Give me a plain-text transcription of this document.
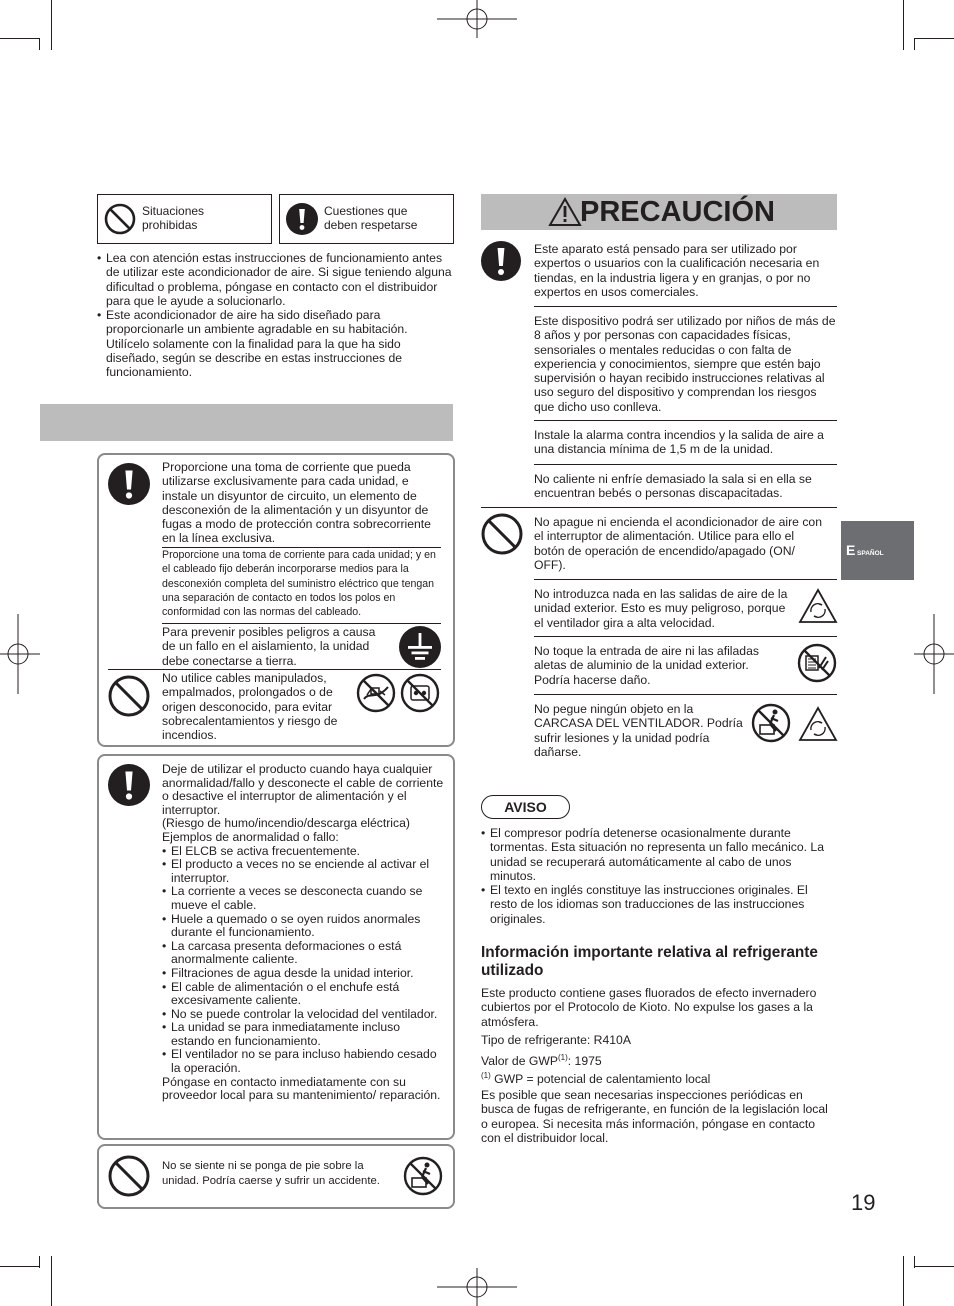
Situaciones prohibidas
Cuestiones que deben respetarse
• Lea con atención estas instrucciones de funcionamiento antes de utilizar este acondicionador de aire. Si sigue teniendo alguna dificultad o problema, póngase en contacto con el distribuidor para que le ayude a solucionarlo.
• Este acondicionador de aire ha sido diseñado para proporcionarle un ambiente agradable en su habitación. Utilícelo solamente con la finalidad para la que ha sido diseñado, según se describe en estas instrucciones de funcionamiento.
Proporcione una toma de corriente que pueda utilizarse exclusivamente para cada unidad, e instale un disyuntor de circuito, un elemento de desconexión de la alimentación y un disyuntor de fugas a modo de protección contra sobrecorriente en la línea exclusiva.
Proporcione una toma de corriente para cada unidad; y en el cableado fijo deberán incorporarse medios para la desconexión completa del suministro eléctrico que tengan una separación de contacto en todos los polos en conformidad con las normas del cableado.
Para prevenir posibles peligros a causa de un fallo en el aislamiento, la unidad debe conectarse a tierra.
No utilice cables manipulados, empalmados, prolongados o de origen desconocido, para evitar sobrecalentamientos y riesgo de incendios.
Deje de utilizar el producto cuando haya cualquier anormalidad/fallo y desconecte el cable de corriente o desactive el interruptor de alimentación y el interruptor.
(Riesgo de humo/incendio/descarga eléctrica)
Ejemplos de anormalidad o fallo:
• El ELCB se activa frecuentemente.
• El producto a veces no se enciende al activar el interruptor.
• La corriente a veces se desconecta cuando se mueve el cable.
• Huele a quemado o se oyen ruidos anormales durante el funcionamiento.
• La carcasa presenta deformaciones o está anormalmente caliente.
• Filtraciones de agua desde la unidad interior.
• El cable de alimentación o el enchufe está excesivamente caliente.
• No se puede controlar la velocidad del ventilador.
• La unidad se para inmediatamente incluso estando en funcionamiento.
• El ventilador no se para incluso habiendo cesado la operación.
Póngase en contacto inmediatamente con su proveedor local para su mantenimiento/ reparación.
No se siente ni se ponga de pie sobre la unidad. Podría caerse y sufrir un accidente.
PRECAUCIÓN
Este aparato está pensado para ser utilizado por expertos o usuarios con la cualificación necesaria en tiendas, en la industria ligera y en granjas, o por no expertos en usos comerciales.
Este dispositivo podrá ser utilizado por niños de más de 8 años y por personas con capacidades físicas, sensoriales o mentales reducidas o con falta de experiencia y conocimientos, siempre que estén bajo supervisión o hayan recibido instrucciones relativas al uso seguro del dispositivo y comprendan los riesgos que dicho uso conlleva.
Instale la alarma contra incendios y la salida de aire a una distancia mínima de 1,5 m de la unidad.
No caliente ni enfríe demasiado la sala si en ella se encuentran bebés o personas discapacitadas.
No apague ni encienda el acondicionador de aire con el interruptor de alimentación. Utilice para ello el botón de operación de encendido/apagado (ON/ OFF).
No introduzca nada en las salidas de aire de la unidad exterior. Esto es muy peligroso, porque el ventilador gira a alta velocidad.
No toque la entrada de aire ni las afiladas aletas de aluminio de la unidad exterior. Podría hacerse daño.
No pegue ningún objeto en la CARCASA DEL VENTILADOR. Podría sufrir lesiones y la unidad podría dañarse.
AVISO
• El compresor podría detenerse ocasionalmente durante tormentas. Esta situación no representa un fallo mecánico. La unidad se recuperará automáticamente al cabo de unos minutos.
• El texto en inglés constituye las instrucciones originales. El resto de los idiomas son traducciones de las instrucciones originales.
Información importante relativa al refrigerante utilizado
Este producto contiene gases fluorados de efecto invernadero cubiertos por el Protocolo de Kioto. No expulse los gases a la atmósfera.
Tipo de refrigerante: R410A
Valor de GWP$^{(1)}$: 1975
$^{(1)}$ GWP = potencial de calentamiento local
Es posible que sean necesarias inspecciones periódicas en busca de fugas de refrigerante, en función de la legislación local o europea. Si necesita más información, póngase en contacto con el distribuidor local.
E SPAÑOL
19
